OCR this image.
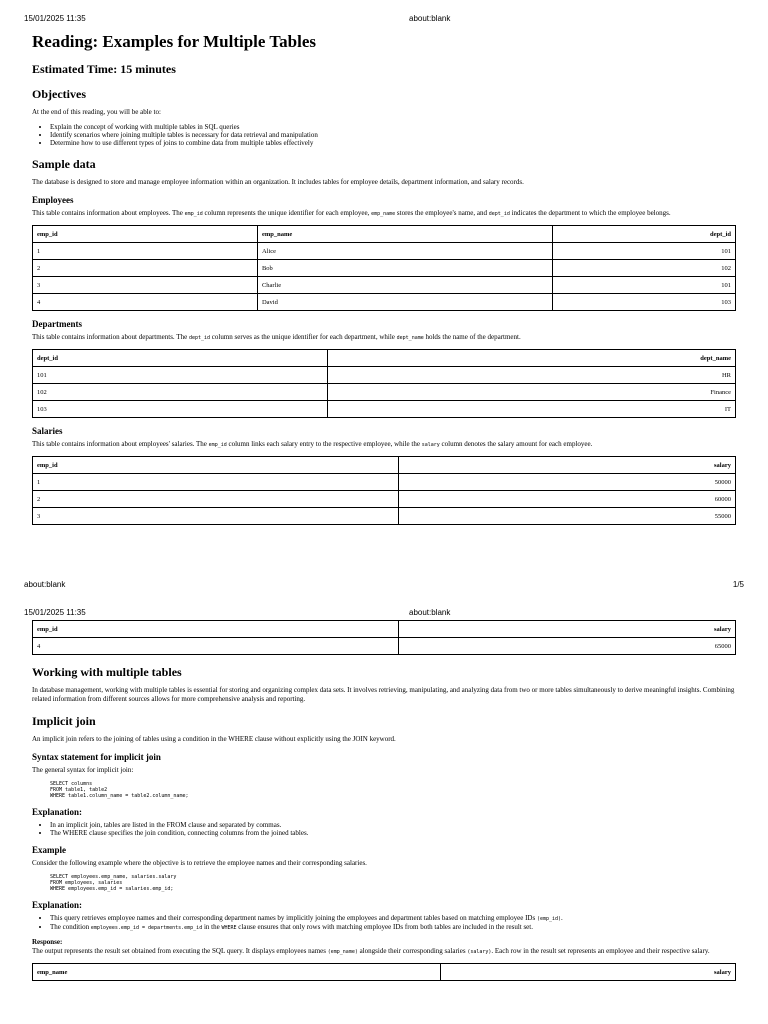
15/01/2025 11:35	about:blank
Reading: Examples for Multiple Tables
Estimated Time: 15 minutes
Objectives

At the end of this reading, you will be able to:

• Explain the concept of working with multiple tables in SQL queries
• Identify scenarios where joining multiple tables is necessary for data retrieval and manipulation
• Determine how to use different types of joins to combine data from multiple tables effectively
Sample data

The database is designed to store and manage employee information within an organization. It includes tables for employee details, department information, and salary records.

Employees

This table contains information about employees. The emp_id column represents the unique identifier for each employee, emp_name stores the employee's name, and dept_id indicates the department to which the employee belongs.

emp_id	emp_name	dept_id
1	Alice	101
2	Bob	102
3	Charlie	101
4	David	103
Departments

This table contains information about departments. The dept_id column serves as the unique identifier for each department, while dept_name holds the name of the department.

dept_id	dept_name
101	HR
102	Finance
103	IT
Salaries

This table contains information about employees' salaries. The emp_id column links each salary entry to the respective employee, while the salary column denotes the salary amount for each employee.

emp_id	salary
1	50000
2	60000
3	55000
about:blank	1/5
15/01/2025 11:35	about:blank
emp_id	salary
4	65000
Working with multiple tables

In database management, working with multiple tables is essential for storing and organizing complex data sets. It involves retrieving, manipulating, and analyzing data from two or more tables simultaneously to derive meaningful insights. Combining related information from different sources allows for more comprehensive analysis and reporting.

Implicit join

An implicit join refers to the joining of tables using a condition in the WHERE clause without explicitly using the JOIN keyword.

Syntax statement for implicit join

The general syntax for implicit join:

SELECT columns
FROM table1, table2
WHERE table1.column_name = table2.column_name;
Explanation:
• In an implicit join, tables are listed in the FROM clause and separated by commas.
• The WHERE clause specifies the join condition, connecting columns from the joined tables.
Example

Consider the following example where the objective is to retrieve the employee names and their corresponding salaries.

SELECT employees.emp_name, salaries.salary
FROM employees, salaries
WHERE employees.emp_id = salaries.emp_id;
Explanation:
• This query retrieves employee names and their corresponding department names by implicitly joining the employees and department tables based on matching employee IDs (emp_id).
• The condition employees.emp_id = departments.emp_id in the WHERE clause ensures that only rows with matching employee IDs from both tables are included in the result set.
Response:

The output represents the result set obtained from executing the SQL query. It displays employees names (emp_name) alongside their corresponding salaries (salary). Each row in the result set represents an employee and their respective salary.

emp_name	salary
